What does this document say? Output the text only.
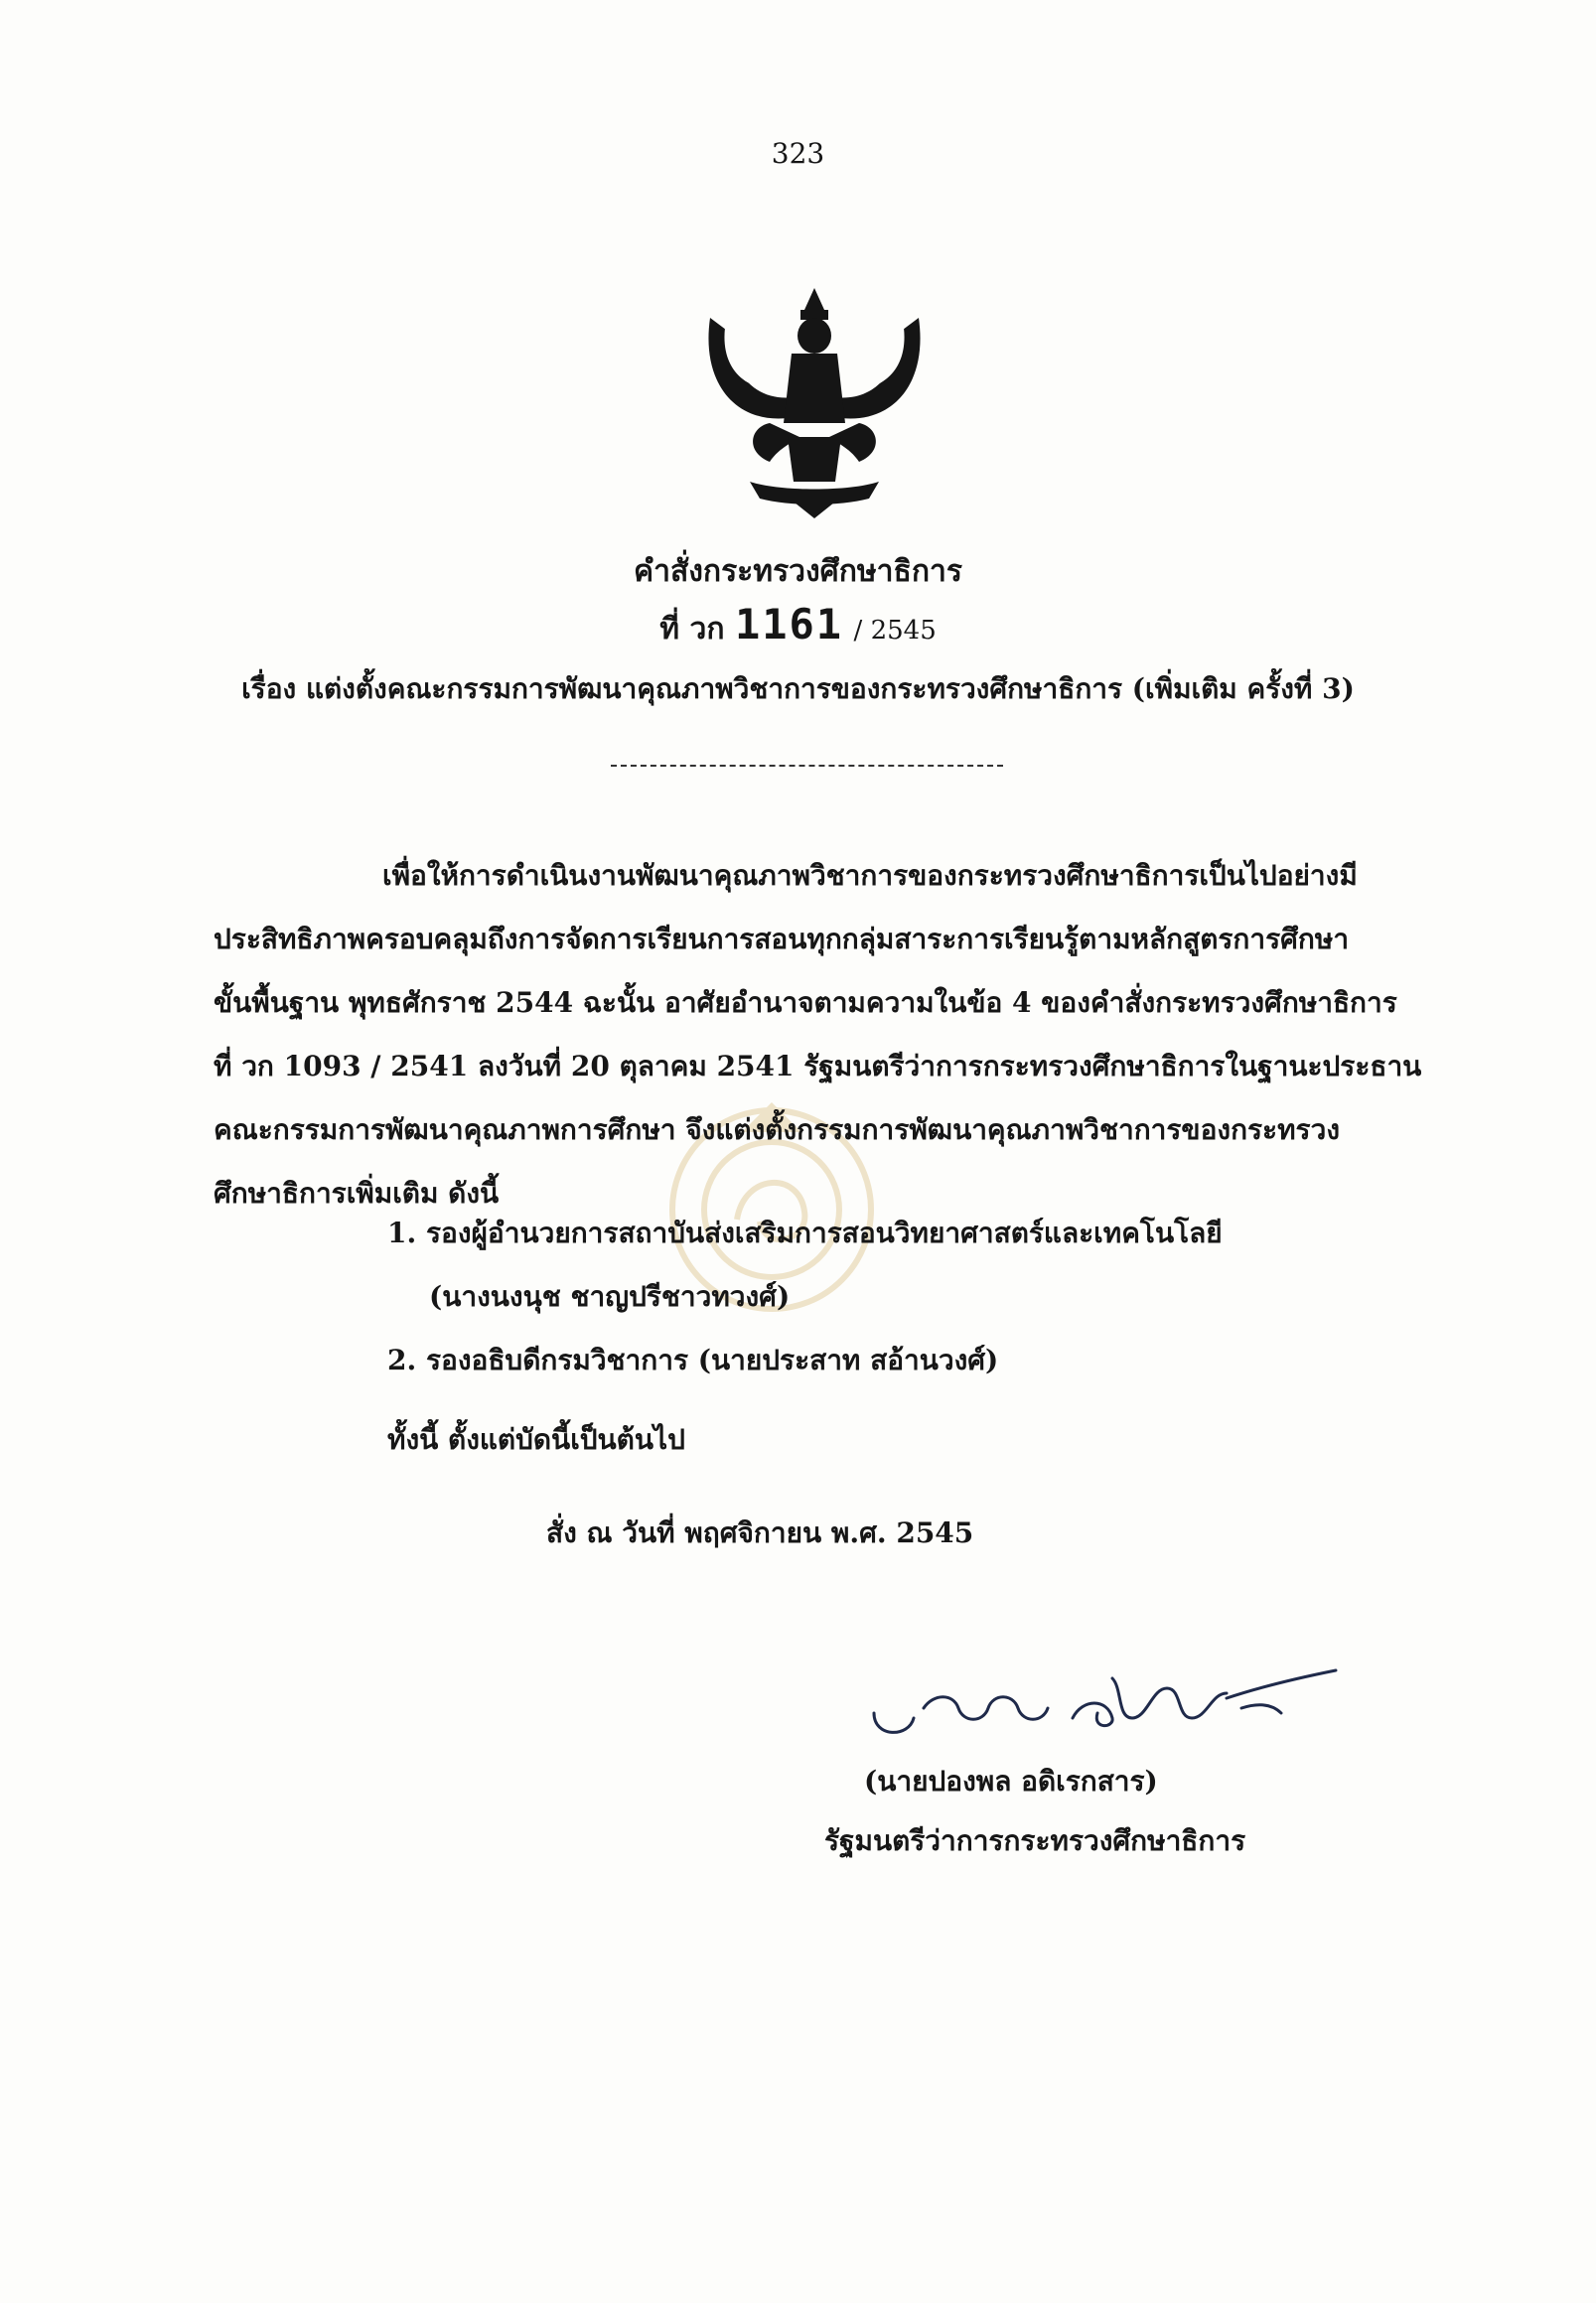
323
คำสั่งกระทรวงศึกษาธิการ
ที่ วก 1161 / 2545
เรื่อง แต่งตั้งคณะกรรมการพัฒนาคุณภาพวิชาการของกระทรวงศึกษาธิการ (เพิ่มเติม ครั้งที่ 3)
เพื่อให้การดำเนินงานพัฒนาคุณภาพวิชาการของกระทรวงศึกษาธิการเป็นไปอย่างมี
ประสิทธิภาพครอบคลุมถึงการจัดการเรียนการสอนทุกกลุ่มสาระการเรียนรู้ตามหลักสูตรการศึกษา
ขั้นพื้นฐาน พุทธศักราช 2544 ฉะนั้น อาศัยอำนาจตามความในข้อ 4 ของคำสั่งกระทรวงศึกษาธิการ
ที่ วก 1093 / 2541 ลงวันที่ 20 ตุลาคม 2541 รัฐมนตรีว่าการกระทรวงศึกษาธิการในฐานะประธาน
คณะกรรมการพัฒนาคุณภาพการศึกษา จึงแต่งตั้งกรรมการพัฒนาคุณภาพวิชาการของกระทรวง
ศึกษาธิการเพิ่มเติม ดังนี้
1. รองผู้อำนวยการสถาบันส่งเสริมการสอนวิทยาศาสตร์และเทคโนโลยี
(นางนงนุช ชาญปรีชาวทวงศ์)
2. รองอธิบดีกรมวิชาการ (นายประสาท สอ้านวงศ์)
ทั้งนี้ ตั้งแต่บัดนี้เป็นต้นไป
สั่ง ณ วันที่ พฤศจิกายน พ.ศ. 2545
(นายปองพล อดิเรกสาร)
รัฐมนตรีว่าการกระทรวงศึกษาธิการ
